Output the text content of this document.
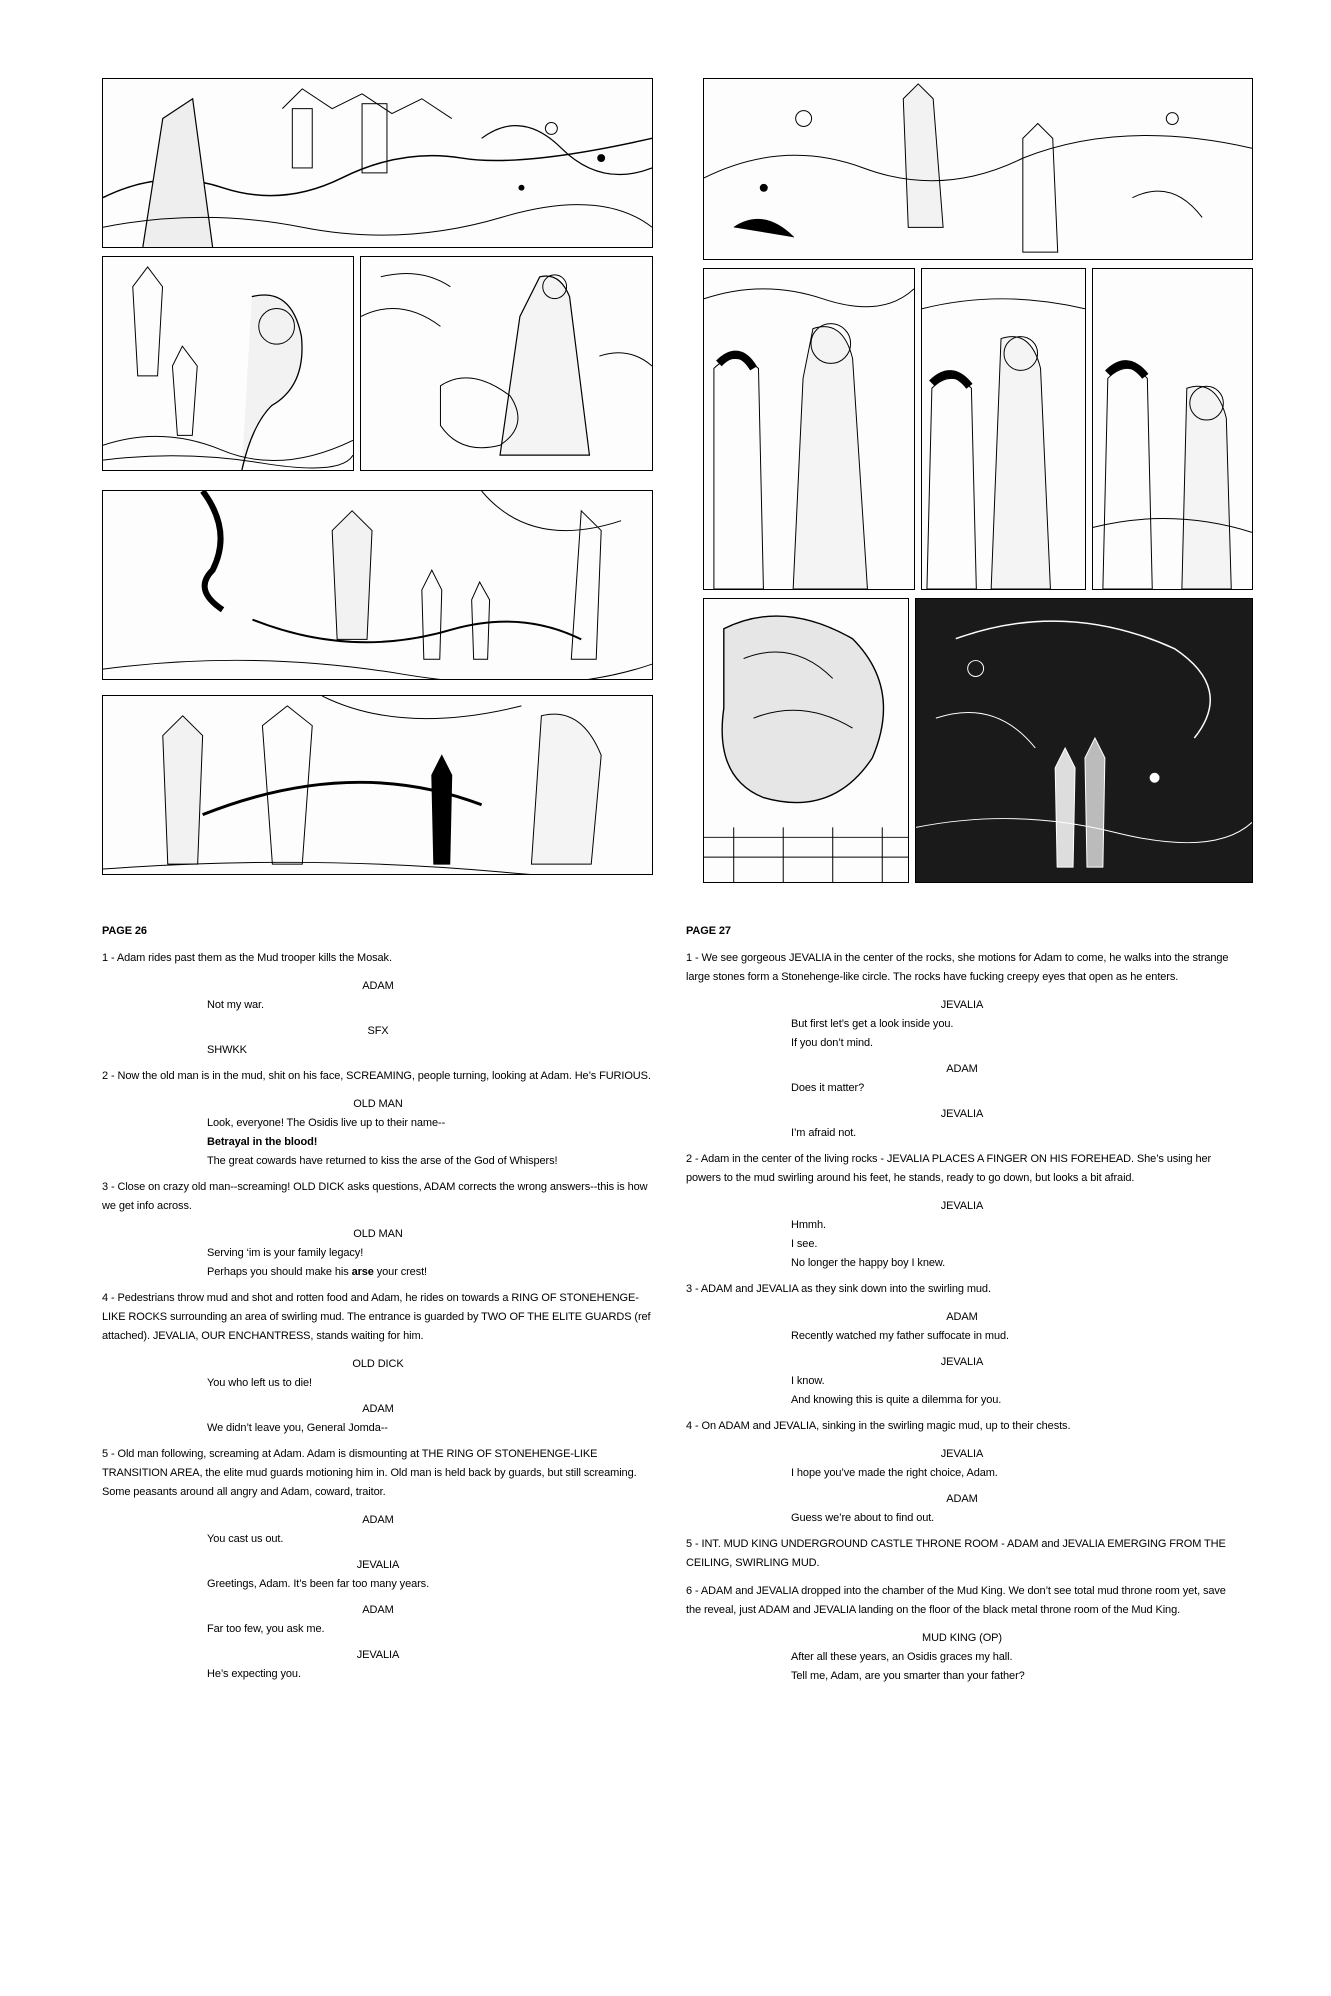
PAGE 26
1 - Adam rides past them as the Mud trooper kills the Mosak.
ADAM
Not my war.
SFX
SHWKK
2 - Now the old man is in the mud, shit on his face, SCREAMING, people turning, looking at Adam. He’s FURIOUS.
OLD MAN
Look, everyone! The Osidis live up to their name--
Betrayal in the blood!
The great cowards have returned to kiss the arse of the God of Whispers!
3 - Close on crazy old man--screaming! OLD DICK asks questions, ADAM corrects the wrong answers--this is how we get info across.
OLD MAN
Serving ‘im is your family legacy!
Perhaps you should make his arse your crest!
4 - Pedestrians throw mud and shot and rotten food and Adam, he rides on towards a RING OF STONEHENGE-LIKE ROCKS surrounding an area of swirling mud. The entrance is guarded by TWO OF THE ELITE GUARDS (ref attached). JEVALIA, OUR ENCHANTRESS, stands waiting for him.
OLD DICK
You who left us to die!
ADAM
We didn’t leave you, General Jomda--
5 - Old man following, screaming at Adam. Adam is dismounting at THE RING OF STONEHENGE-LIKE TRANSITION AREA, the elite mud guards motioning him in. Old man is held back by guards, but still screaming. Some peasants around all angry and Adam, coward, traitor.
ADAM
You cast us out.
JEVALIA
Greetings, Adam. It’s been far too many years.
ADAM
Far too few, you ask me.
JEVALIA
He’s expecting you.
PAGE 27
1 - We see gorgeous JEVALIA in the center of the rocks, she motions for Adam to come, he walks into the strange large stones form a Stonehenge-like circle. The rocks have fucking creepy eyes that open as he enters.
JEVALIA
But first let’s get a look inside you.
If you don’t mind.
ADAM
Does it matter?
JEVALIA
I’m afraid not.
2 - Adam in the center of the living rocks - JEVALIA PLACES A FINGER ON HIS FOREHEAD. She’s using her powers to the mud swirling around his feet, he stands, ready to go down, but looks a bit afraid.
JEVALIA
Hmmh.
I see.
No longer the happy boy I knew.
3 - ADAM and JEVALIA as they sink down into the swirling mud.
ADAM
Recently watched my father suffocate in mud.
JEVALIA
I know.
And knowing this is quite a dilemma for you.
4 - On ADAM and JEVALIA, sinking in the swirling magic mud, up to their chests.
JEVALIA
I hope you’ve made the right choice, Adam.
ADAM
Guess we’re about to find out.
5 - INT. MUD KING UNDERGROUND CASTLE THRONE ROOM - ADAM and JEVALIA EMERGING FROM THE CEILING, SWIRLING MUD.
6 - ADAM and JEVALIA dropped into the chamber of the Mud King. We don’t see total mud throne room yet, save the reveal, just ADAM and JEVALIA landing on the floor of the black metal throne room of the Mud King.
MUD KING (OP)
After all these years, an Osidis graces my hall.
Tell me, Adam, are you smarter than your father?
